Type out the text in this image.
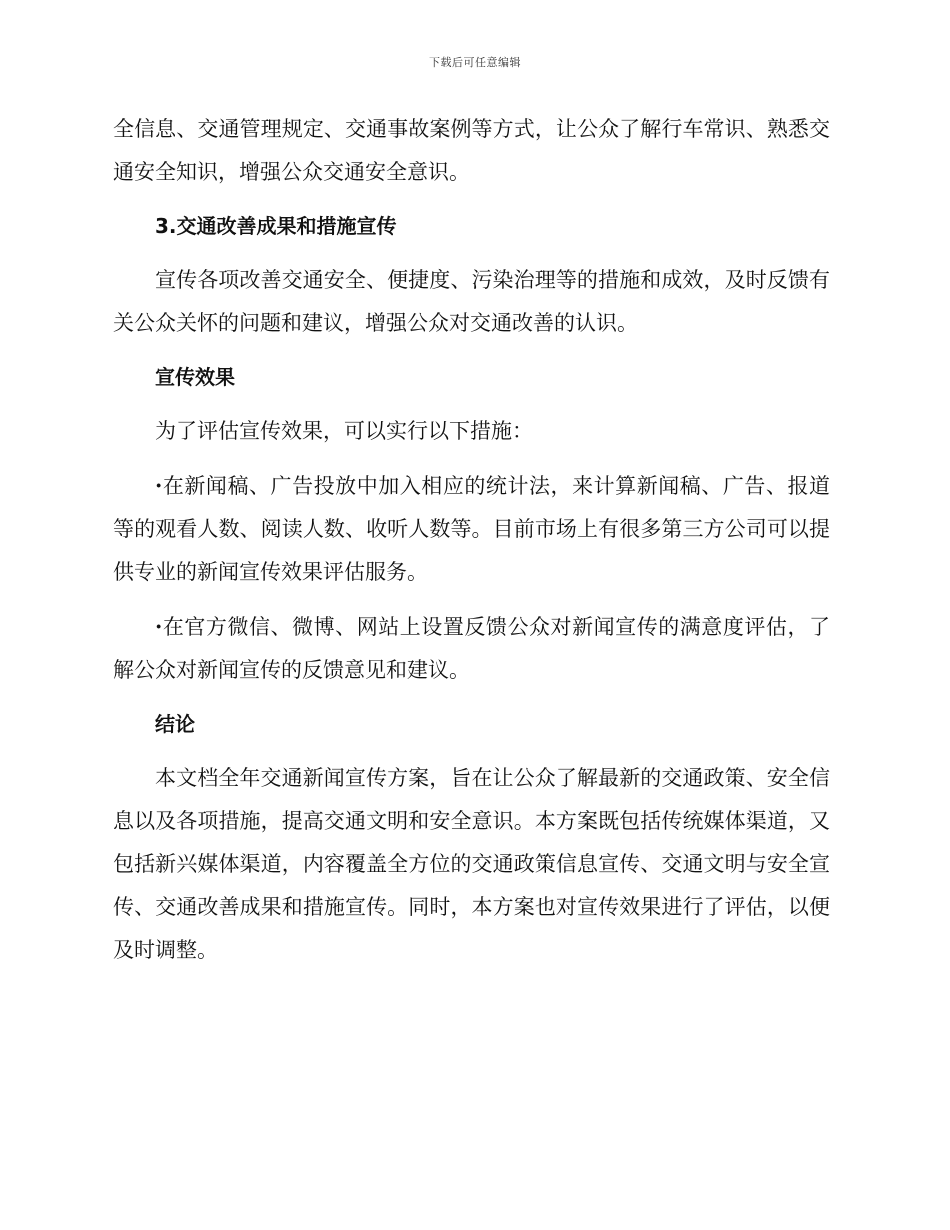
下载后可任意编辑

全信息、交通管理规定、交通事故案例等方式，让公众了解行车常识、熟悉交通安全知识，增强公众交通安全意识。

3.交通改善成果和措施宣传

宣传各项改善交通安全、便捷度、污染治理等的措施和成效，及时反馈有关公众关怀的问题和建议，增强公众对交通改善的认识。

宣传效果

为了评估宣传效果，可以实行以下措施：

·在新闻稿、广告投放中加入相应的统计法，来计算新闻稿、广告、报道等的观看人数、阅读人数、收听人数等。目前市场上有很多第三方公司可以提供专业的新闻宣传效果评估服务。

·在官方微信、微博、网站上设置反馈公众对新闻宣传的满意度评估，了解公众对新闻宣传的反馈意见和建议。

结论

本文档全年交通新闻宣传方案，旨在让公众了解最新的交通政策、安全信息以及各项措施，提高交通文明和安全意识。本方案既包括传统媒体渠道，又包括新兴媒体渠道，内容覆盖全方位的交通政策信息宣传、交通文明与安全宣传、交通改善成果和措施宣传。同时，本方案也对宣传效果进行了评估，以便及时调整。
